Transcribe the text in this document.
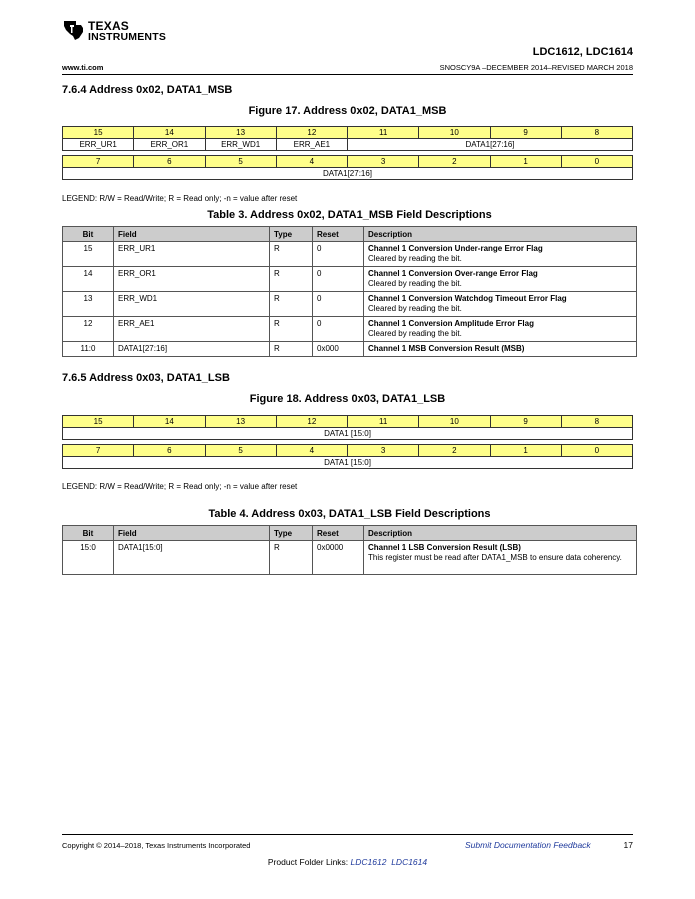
TEXAS
INSTRUMENTS
LDC1612, LDC1614
www.ti.com	SNOSCY9A –DECEMBER 2014–REVISED MARCH 2018
7.6.4 Address 0x02, DATA1_MSB
Figure 17. Address 0x02, DATA1_MSB
15	14	13	12	11	10	9	8
ERR_UR1	ERR_OR1	ERR_WD1	ERR_AE1	DATA1[27:16]			

7	6	5	4	3	2	1	0
DATA1[27:16]							
LEGEND: R/W = Read/Write; R = Read only; -n = value after reset
Table 3. Address 0x02, DATA1_MSB Field Descriptions
Bit	Field	Type	Reset	Description
15	ERR_UR1	R	0	Channel 1 Conversion Under-range Error Flag
Cleared by reading the bit.

14	ERR_OR1	R	0	Channel 1 Conversion Over-range Error Flag
Cleared by reading the bit.

13	ERR_WD1	R	0	Channel 1 Conversion Watchdog Timeout Error Flag
Cleared by reading the bit.

12	ERR_AE1	R	0	Channel 1 Conversion Amplitude Error Flag
Cleared by reading the bit.

11:0	DATA1[27:16]	R	0x000	Channel 1 MSB Conversion Result (MSB)
7.6.5 Address 0x03, DATA1_LSB
Figure 18. Address 0x03, DATA1_LSB
15	14	13	12	11	10	9	8
DATA1 [15:0]							

7	6	5	4	3	2	1	0
DATA1 [15:0]							
LEGEND: R/W = Read/Write; R = Read only; -n = value after reset
Table 4. Address 0x03, DATA1_LSB Field Descriptions
Bit	Field	Type	Reset	Description
15:0	DATA1[15:0]	R	0x0000	Channel 1 LSB Conversion Result (LSB)
This register must be read after DATA1_MSB to ensure data coherency.
Copyright © 2014–2018, Texas Instruments Incorporated	Submit Documentation Feedback	17
Product Folder Links: LDC1612 LDC1614
